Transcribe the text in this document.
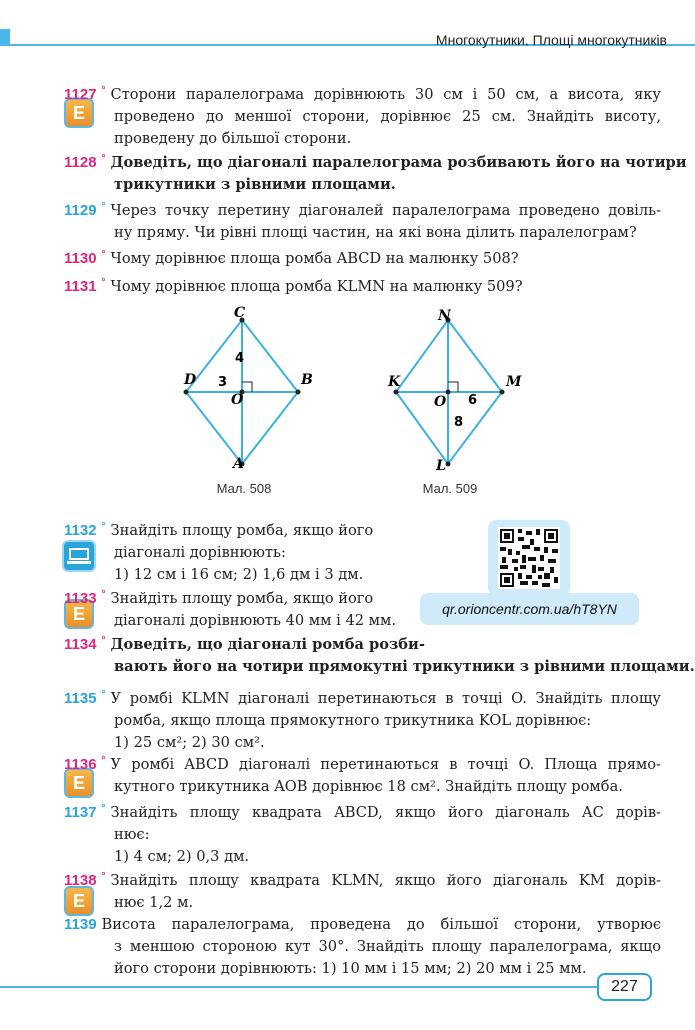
Многокутники. Площі многокутників
E
1127 ° Сторони паралелограма дорівнюють 30 см і 50 см, а висота, яку
проведено до меншої сторони, дорівнює 25 см. Знайдіть висоту,
проведену до більшої сторони.
1128 ° Доведіть, що діагоналі паралелограма розбивають його на чотири
трикутники з рівними площами.
1129 ° Через точку перетину діагоналей паралелограма проведено довіль-
ну пряму. Чи рівні площі частин, на які вона ділить паралелограм?
1130 ° Чому дорівнює площа ромба ABCD на малюнку 508?
1131 ° Чому дорівнює площа ромба KLMN на малюнку 509?
C
D	B
A
O
4
3
Мал. 508
N
K	M
L
O
8
6
Мал. 509
qr.orioncentr.com.ua/hT8YN
1132 ° Знайдіть площу ромба, якщо його
діагоналі дорівнюють:
1) 12 см і 16 см; 2) 1,6 дм і 3 дм.
E
1133 ° Знайдіть площу ромба, якщо його
діагоналі дорівнюють 40 мм і 42 мм.
1134 ° Доведіть, що діагоналі ромба розби-
вають його на чотири прямокутні трикутники з рівними площами.
1135 ° У ромбі KLMN діагоналі перетинаються в точці O. Знайдіть площу
ромба, якщо площа прямокутного трикутника KOL дорівнює:
1) 25 см²; 2) 30 см².
E
1136 ° У ромбі ABCD діагоналі перетинаються в точці O. Площа прямо-
кутного трикутника AOB дорівнює 18 см². Знайдіть площу ромба.
1137 ° Знайдіть площу квадрата ABCD, якщо його діагональ AC дорів-
нює:
1) 4 см; 2) 0,3 дм.
E
1138 ° Знайдіть площу квадрата KLMN, якщо його діагональ KM дорів-
нює 1,2 м.
1139 Висота паралелограма, проведена до більшої сторони, утворює
з меншою стороною кут 30°. Знайдіть площу паралелограма, якщо
його сторони дорівнюють: 1) 10 мм і 15 мм; 2) 20 мм і 25 мм.
227
